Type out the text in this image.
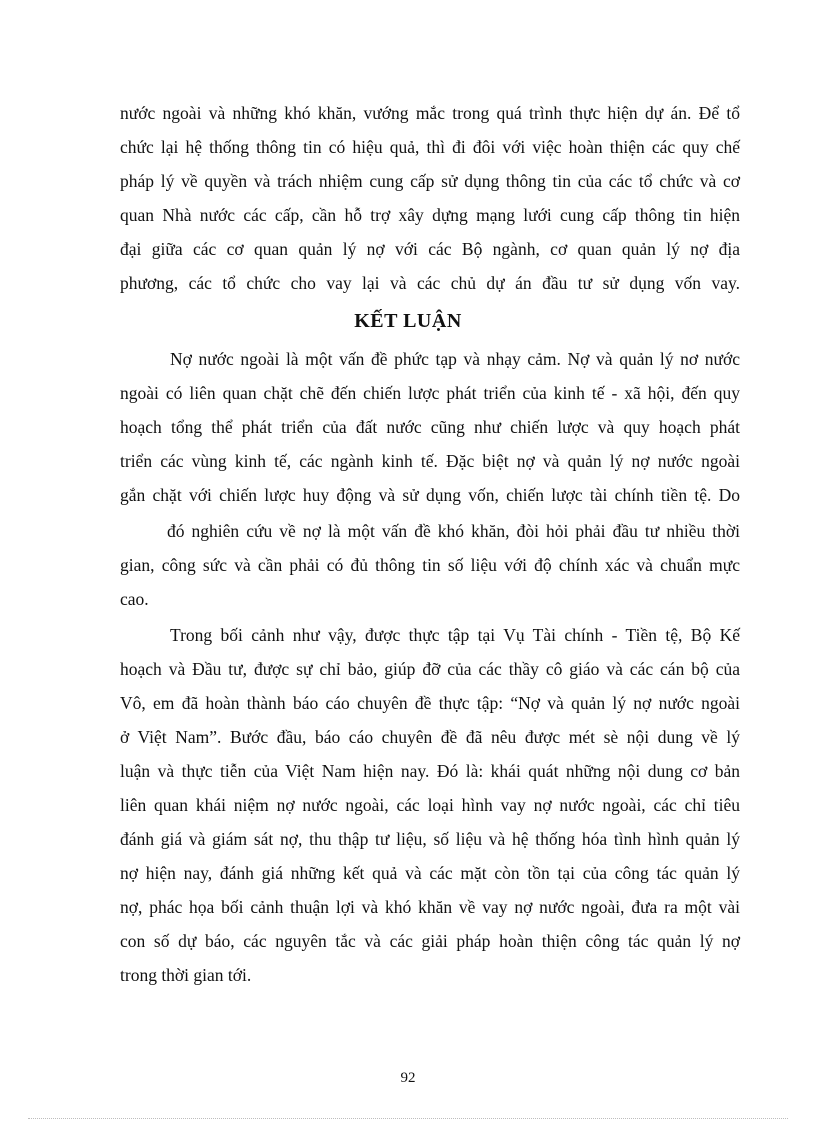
nước ngoài và những khó khăn, vướng mắc trong quá trình thực hiện dự án. Để tổ
chức lại hệ thống thông tin có hiệu quả, thì đi đôi với việc hoàn thiện các quy chế
pháp lý về quyền và trách nhiệm cung cấp sử dụng thông tin của các tổ chức và cơ
quan Nhà nước các cấp, cần hỗ trợ xây dựng mạng lưới cung cấp thông tin hiện
đại giữa các cơ quan quản lý nợ với các Bộ ngành, cơ quan quản lý nợ địa
phương, các tổ chức cho vay lại và các chủ dự án đầu tư sử dụng vốn vay.
KẾT LUẬN
Nợ nước ngoài là một vấn đề phức tạp và nhạy cảm. Nợ và quản lý nơ nước
ngoài có liên quan chặt chẽ đến chiến lược phát triển của kinh tế - xã hội, đến quy
hoạch tổng thể phát triển của đất nước cũng như chiến lược và quy hoạch phát
triển các vùng kinh tế, các ngành kinh tế. Đặc biệt nợ và quản lý nợ nước ngoài
gắn chặt với chiến lược huy động và sử dụng vốn, chiến lược tài chính tiền tệ. Do
đó nghiên cứu về nợ là một vấn đề khó khăn, đòi hỏi phải đầu tư nhiều thời
gian, công sức và cần phải có đủ thông tin số liệu với độ chính xác và chuẩn mực
cao.
Trong bối cảnh như vậy, được thực tập tại Vụ Tài chính - Tiền tệ, Bộ Kế
hoạch và Đầu tư, được sự chỉ bảo, giúp đỡ của các thầy cô giáo và các cán bộ của
Vô, em đã hoàn thành báo cáo chuyên đề thực tập: “Nợ và quản lý nợ nước ngoài
ở Việt Nam”. Bước đầu, báo cáo chuyên đề đã nêu được mét sè nội dung về lý
luận và thực tiễn của Việt Nam hiện nay. Đó là: khái quát những nội dung cơ bản
liên quan khái niệm nợ nước ngoài, các loại hình vay nợ nước ngoài, các chỉ tiêu
đánh giá và giám sát nợ, thu thập tư liệu, số liệu và hệ thống hóa tình hình quản lý
nợ hiện nay, đánh giá những kết quả và các mặt còn tồn tại của công tác quản lý
nợ, phác họa bối cảnh thuận lợi và khó khăn về vay nợ nước ngoài, đưa ra một vài
con số dự báo, các nguyên tắc và các giải pháp hoàn thiện công tác quản lý nợ
trong thời gian tới.
92
